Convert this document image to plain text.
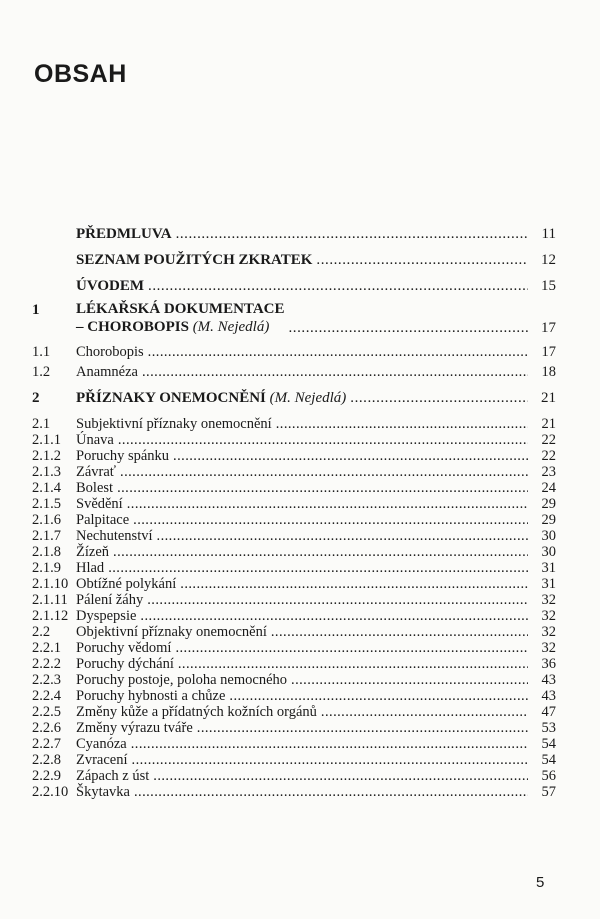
OBSAH
PŘEDMLUVA . . .	11
SEZNAM POUŽITÝCH ZKRATEK . . .	12
ÚVODEM . . .	15
1	LÉKAŘSKÁ DOKUMENTACE
– CHOROBOPIS (M. Nejedlá) . . .	17
1.1	Chorobopis . . .	17
1.2	Anamnéza . . .	18
2	PŘÍZNAKY ONEMOCNĚNÍ (M. Nejedlá) . . .	21
2.1	Subjektivní příznaky onemocnění . . .	21
2.1.1	Únava . . .	22
2.1.2	Poruchy spánku . . .	22
2.1.3	Závrať . . .	23
2.1.4	Bolest . . .	24
2.1.5	Svědění . . .	29
2.1.6	Palpitace . . .	29
2.1.7	Nechutenství . . .	30
2.1.8	Žízeň . . .	30
2.1.9	Hlad . . .	31
2.1.10 Obtížné polykání . . .	31
2.1.11 Pálení žáhy . . .	32
2.1.12 Dyspepsie . . .	32
2.2	Objektivní příznaky onemocnění . . .	32
2.2.1	Poruchy vědomí . . .	32
2.2.2	Poruchy dýchání . . .	36
2.2.3	Poruchy postoje, poloha nemocného . . .	43
2.2.4	Poruchy hybnosti a chůze . . .	43
2.2.5	Změny kůže a přídatných kožních orgánů . . .	47
2.2.6	Změny výrazu tváře . . .	53
2.2.7	Cyanóza . . .	54
2.2.8	Zvracení . . .	54
2.2.9	Zápach z úst . . .	56
2.2.10 Škytavka . . .	57
5
